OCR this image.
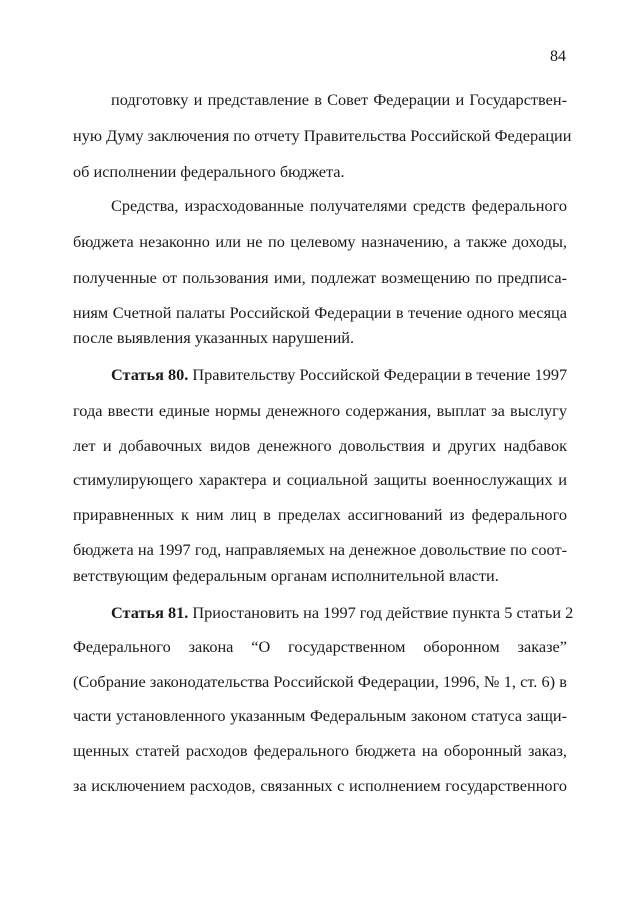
84
подготовку и представление в Совет Федерации и Государствен-
ную Думу заключения по отчету Правительства Российской Федерации
об исполнении федерального бюджета.
Средства, израсходованные получателями средств федерального
бюджета незаконно или не по целевому назначению, а также доходы,
полученные от пользования ими, подлежат возмещению по предписа-
ниям Счетной палаты Российской Федерации в течение одного месяца
после выявления указанных нарушений.
Статья 80. Правительству Российской Федерации в течение 1997
года ввести единые нормы денежного содержания, выплат за выслугу
лет и добавочных видов денежного довольствия и других надбавок
стимулирующего характера и социальной защиты военнослужащих и
приравненных к ним лиц в пределах ассигнований из федерального
бюджета на 1997 год, направляемых на денежное довольствие по соот-
ветствующим федеральным органам исполнительной власти.
Статья 81. Приостановить на 1997 год действие пункта 5 статьи 2
Федерального закона “О государственном оборонном заказе”
(Собрание законодательства Российской Федерации, 1996, № 1, ст. 6) в
части установленного указанным Федеральным законом статуса защи-
щенных статей расходов федерального бюджета на оборонный заказ,
за исключением расходов, связанных с исполнением государственного
